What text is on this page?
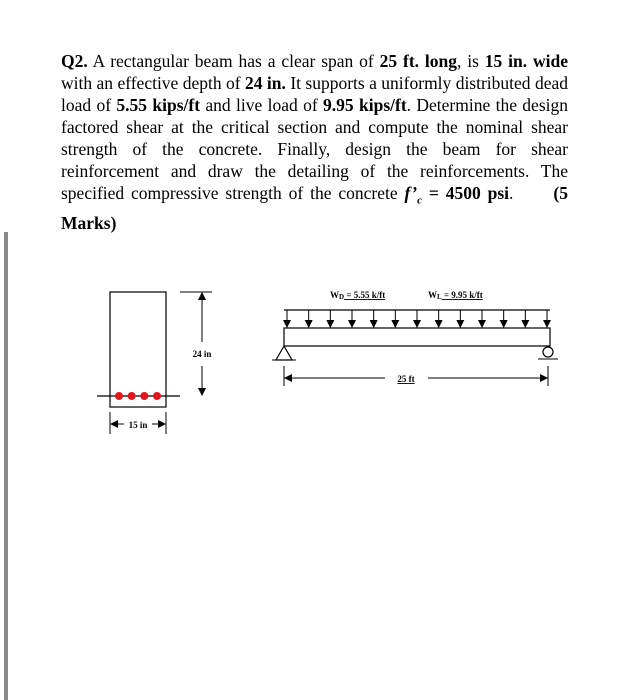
Q2. A rectangular beam has a clear span of 25 ft. long, is 15 in. wide with an effective depth of 24 in. It supports a uniformly distributed dead load of 5.55 kips/ft and live load of 9.95 kips/ft. Determine the design factored shear at the critical section and compute the nominal shear strength of the concrete. Finally, design the beam for shear reinforcement and draw the detailing of the reinforcements. The specified compressive strength of the concrete $f’_c = 4500$ psi. (5 Marks)
24 in
15 in
WD = 5.55 k/ft	WL = 9.95 k/ft
25 ft
